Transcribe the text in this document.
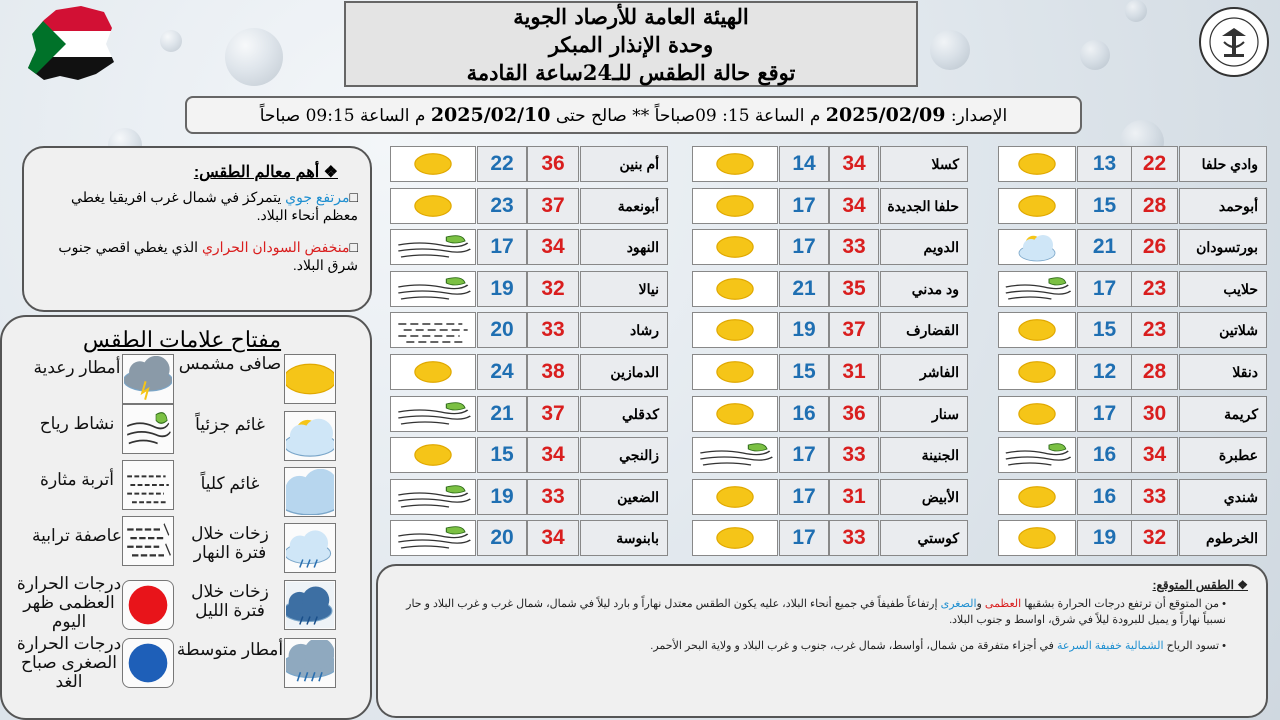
الهيئة العامة للأرصاد الجوية
وحدة الإنذار المبكر
توقع حالة الطقس للـ24ساعة القادمة
الإصدار: 2025/02/09 م الساعة 15: 09صباحاً ** صالح حتى 2025/02/10 م الساعة 09:15 صباحاً
❖ أهم معالم الطقس:

□مرتفع جوي يتمركز في شمال غرب افريقيا يغطي معظم أنحاء البلاد.

□منخفض السودان الحراري الذي يغطي اقصي جنوب شرق البلاد.

مفتاح علامات الطقس
صافى مشمس
أمطار رعدية
غائم جزئياً
نشاط رياح
غائم كلياً
أتربة مثارة
زخات خلال فترة النهار
عاصفة ترابية
زخات خلال فترة الليل
درجات الحرارة العظمى ظهر اليوم
أمطار متوسطة
درجات الحرارة الصغرى صباح الغد
13	22	وادي حلفا
15	28	أبوحمد
21	26	بورتسودان
17	23	حلايب
15	23	شلاتين
12	28	دنقلا
17	30	كريمة
16	34	عطبرة
16	33	شندي
19	32	الخرطوم
14	34	كسلا
17	34	حلفا الجديدة
17	33	الدويم
21	35	ود مدني
19	37	القضارف
15	31	الفاشر
16	36	سنار
17	33	الجنينة
17	31	الأبيض
17	33	كوستي
22	36	أم بنين
23	37	أبونعمة
17	34	النهود
19	32	نيالا
20	33	رشاد
24	38	الدمازين
21	37	كدقلي
15	34	زالنجي
19	33	الضعين
20	34	بابنوسة
❖ الطقس المتوقع:

• من المتوقع أن ترتفع درجات الحرارة بشقيها العظمى والصغرى إرتفاعاً طفيفاً في جميع أنحاء البلاد، عليه يكون الطقس معتدل نهاراً و بارد ليلاً في شمال، شمال غرب و غرب البلاد و حار نسبياً نهاراً و يميل للبرودة ليلاً في شرق، اواسط و جنوب البلاد.

• تسود الرياح الشمالية خفيفة السرعة في أجزاء متفرقة من شمال، أواسط، شمال غرب، جنوب و غرب البلاد و ولاية البحر الأحمر.
